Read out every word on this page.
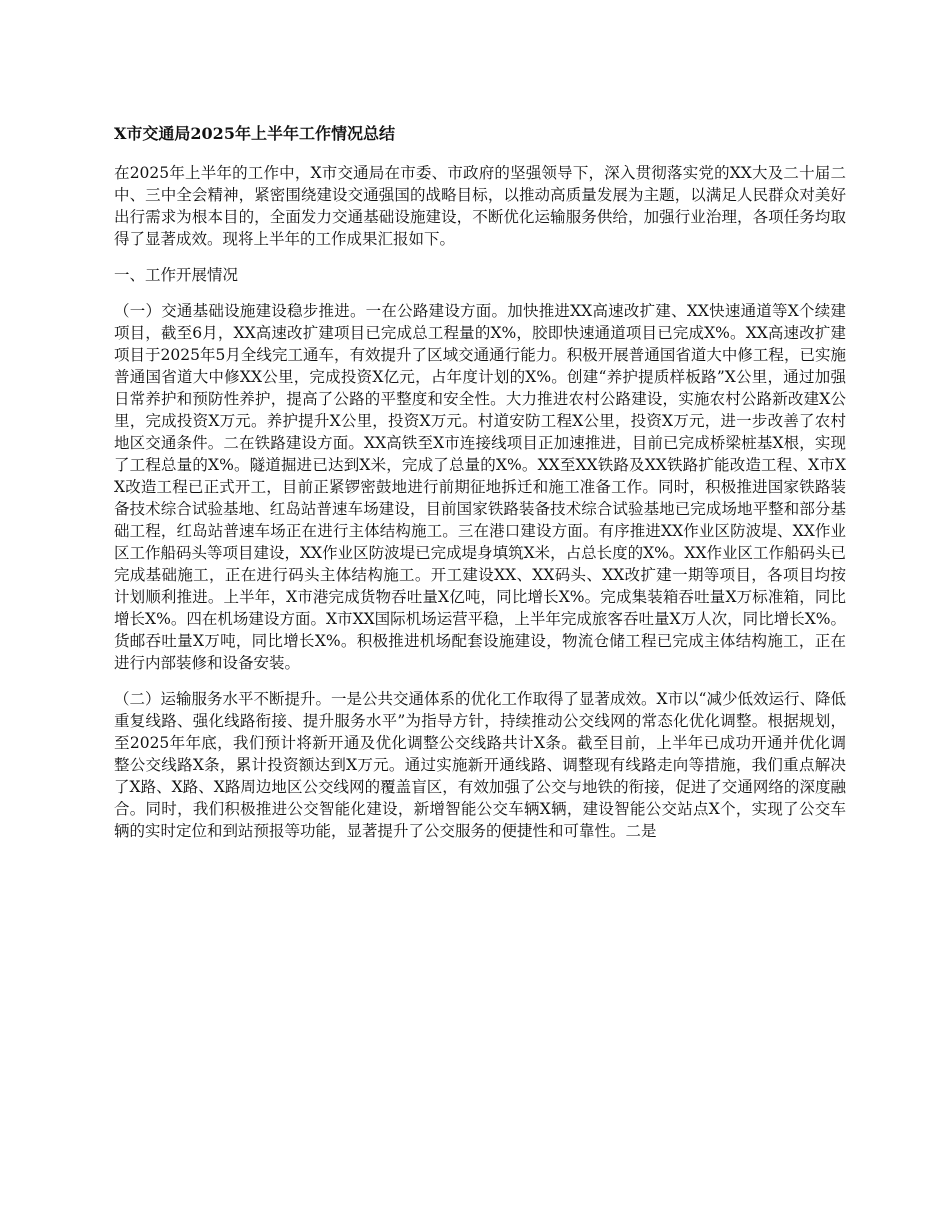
X市交通局2025年上半年工作情况总结

在2025年上半年的工作中，X市交通局在市委、市政府的坚强领导下，深入贯彻落实党的XX大及二十届二中、三中全会精神，紧密围绕建设交通强国的战略目标，以推动高质量发展为主题，以满足人民群众对美好出行需求为根本目的，全面发力交通基础设施建设，不断优化运输服务供给，加强行业治理，各项任务均取得了显著成效。现将上半年的工作成果汇报如下。

一、工作开展情况

（一）交通基础设施建设稳步推进。一在公路建设方面。加快推进XX高速改扩建、XX快速通道等X个续建项目，截至6月，XX高速改扩建项目已完成总工程量的X%，胶即快速通道项目已完成X%。XX高速改扩建项目于2025年5月全线完工通车，有效提升了区域交通通行能力。积极开展普通国省道大中修工程，已实施普通国省道大中修XX公里，完成投资X亿元，占年度计划的X%。创建“养护提质样板路”X公里，通过加强日常养护和预防性养护，提高了公路的平整度和安全性。大力推进农村公路建设，实施农村公路新改建X公里，完成投资X万元。养护提升X公里，投资X万元。村道安防工程X公里，投资X万元，进一步改善了农村地区交通条件。二在铁路建设方面。XX高铁至X市连接线项目正加速推进，目前已完成桥梁桩基X根，实现了工程总量的X%。隧道掘进已达到X米，完成了总量的X%。XX至XX铁路及XX铁路扩能改造工程、X市XX改造工程已正式开工，目前正紧锣密鼓地进行前期征地拆迁和施工准备工作。同时，积极推进国家铁路装备技术综合试验基地、红岛站普速车场建设，目前国家铁路装备技术综合试验基地已完成场地平整和部分基础工程，红岛站普速车场正在进行主体结构施工。三在港口建设方面。有序推进XX作业区防波堤、XX作业区工作船码头等项目建设，XX作业区防波堤已完成堤身填筑X米，占总长度的X%。XX作业区工作船码头已完成基础施工，正在进行码头主体结构施工。开工建设XX、XX码头、XX改扩建一期等项目，各项目均按计划顺利推进。上半年，X市港完成货物吞吐量X亿吨，同比增长X%。完成集装箱吞吐量X万标准箱，同比增长X%。四在机场建设方面。X市XX国际机场运营平稳，上半年完成旅客吞吐量X万人次，同比增长X%。货邮吞吐量X万吨，同比增长X%。积极推进机场配套设施建设，物流仓储工程已完成主体结构施工，正在进行内部装修和设备安装。

（二）运输服务水平不断提升。一是公共交通体系的优化工作取得了显著成效。X市以“减少低效运行、降低重复线路、强化线路衔接、提升服务水平”为指导方针，持续推动公交线网的常态化优化调整。根据规划，至2025年年底，我们预计将新开通及优化调整公交线路共计X条。截至目前，上半年已成功开通并优化调整公交线路X条，累计投资额达到X万元。通过实施新开通线路、调整现有线路走向等措施，我们重点解决了X路、X路、X路周边地区公交线网的覆盖盲区，有效加强了公交与地铁的衔接，促进了交通网络的深度融合。同时，我们积极推进公交智能化建设，新增智能公交车辆X辆，建设智能公交站点X个，实现了公交车辆的实时定位和到站预报等功能，显著提升了公交服务的便捷性和可靠性。二是
